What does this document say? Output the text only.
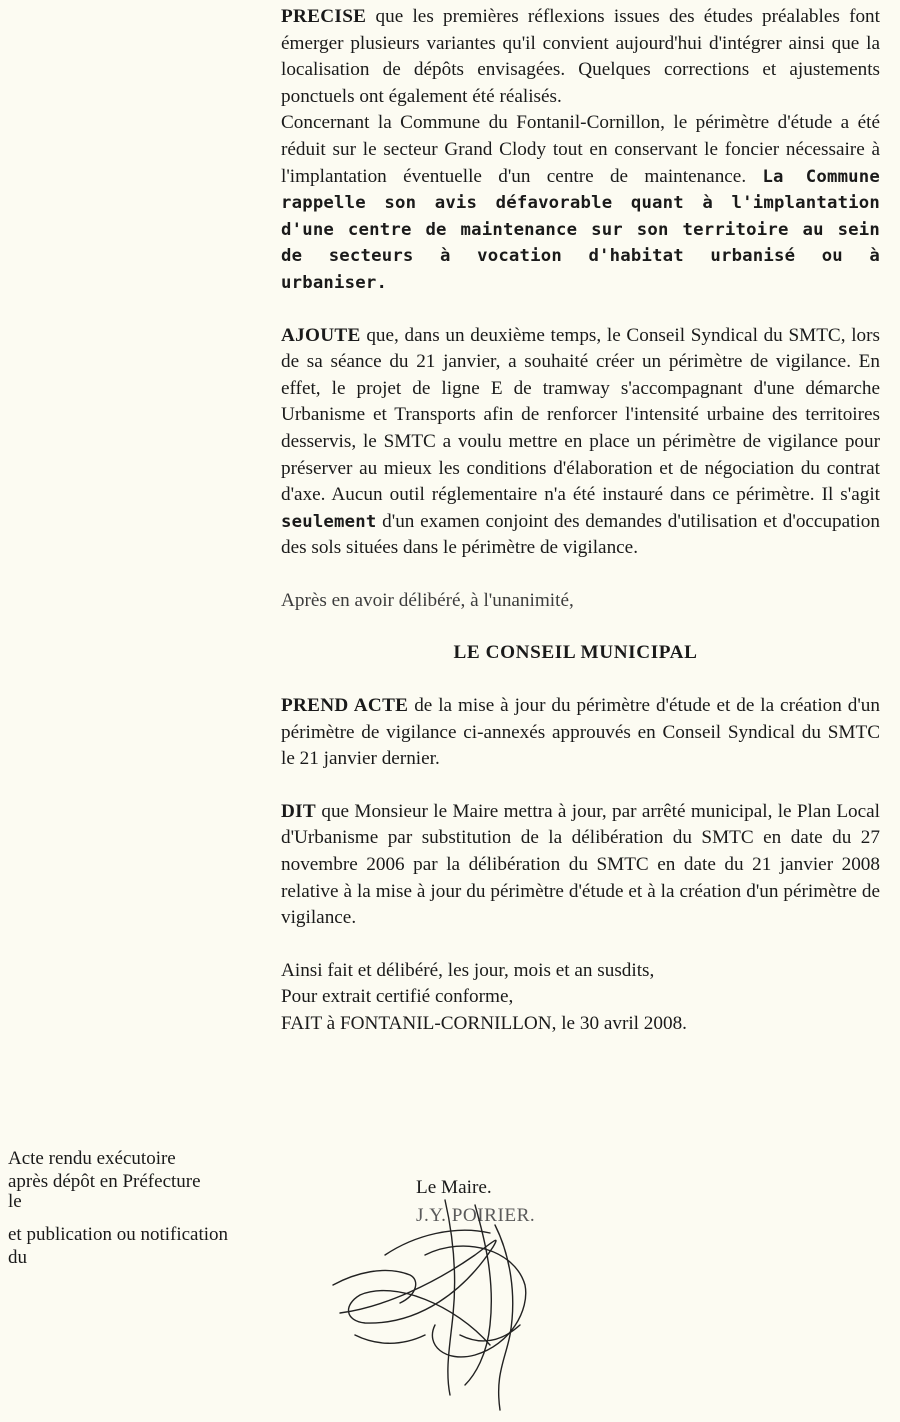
PRECISE que les premières réflexions issues des études préalables font émerger plusieurs variantes qu'il convient aujourd'hui d'intégrer ainsi que la localisation de dépôts envisagées. Quelques corrections et ajustements ponctuels ont également été réalisés.

Concernant la Commune du Fontanil-Cornillon, le périmètre d'étude a été réduit sur le secteur Grand Clody tout en conservant le foncier nécessaire à l'implantation éventuelle d'un centre de maintenance. La Commune rappelle son avis défavorable quant à l'implantation d'une centre de maintenance sur son territoire au sein de secteurs à vocation d'habitat urbanisé ou à urbaniser.

AJOUTE que, dans un deuxième temps, le Conseil Syndical du SMTC, lors de sa séance du 21 janvier, a souhaité créer un périmètre de vigilance. En effet, le projet de ligne E de tramway s'accompagnant d'une démarche Urbanisme et Transports afin de renforcer l'intensité urbaine des territoires desservis, le SMTC a voulu mettre en place un périmètre de vigilance pour préserver au mieux les conditions d'élaboration et de négociation du contrat d'axe. Aucun outil réglementaire n'a été instauré dans ce périmètre. Il s'agit seulement d'un examen conjoint des demandes d'utilisation et d'occupation des sols situées dans le périmètre de vigilance.

Après en avoir délibéré, à l'unanimité,

LE CONSEIL MUNICIPAL

PREND ACTE de la mise à jour du périmètre d'étude et de la création d'un périmètre de vigilance ci-annexés approuvés en Conseil Syndical du SMTC le 21 janvier dernier.

DIT que Monsieur le Maire mettra à jour, par arrêté municipal, le Plan Local d'Urbanisme par substitution de la délibération du SMTC en date du 27 novembre 2006 par la délibération du SMTC en date du 21 janvier 2008 relative à la mise à jour du périmètre d'étude et à la création d'un périmètre de vigilance.

Ainsi fait et délibéré, les jour, mois et an susdits,

Pour extrait certifié conforme,

FAIT à FONTANIL-CORNILLON, le 30 avril 2008.

Acte rendu exécutoire
après dépôt en Préfecture
le
et publication ou notification
du
Le Maire.
J.Y. POIRIER.
